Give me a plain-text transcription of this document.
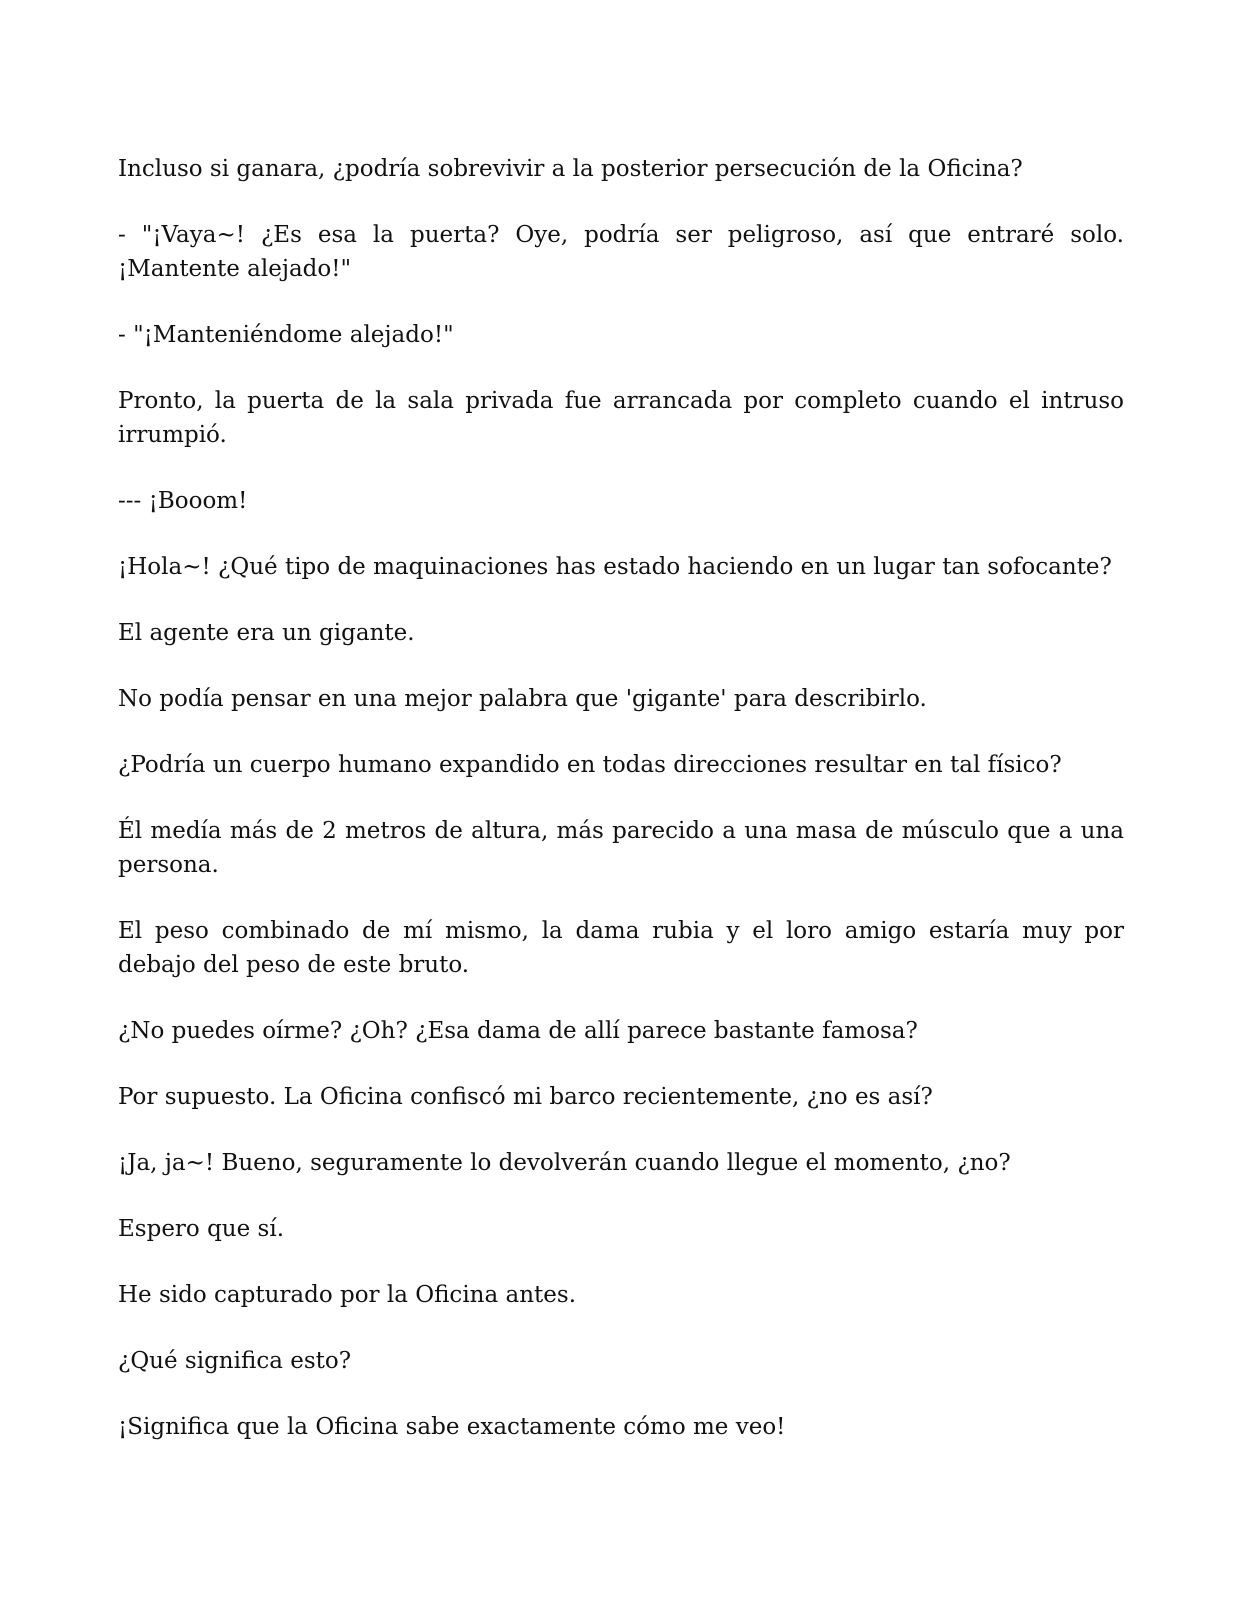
Incluso si ganara, ¿podría sobrevivir a la posterior persecución de la Oficina?

- "¡Vaya~! ¿Es esa la puerta? Oye, podría ser peligroso, así que entraré solo. ¡Mantente alejado!"

- "¡Manteniéndome alejado!"

Pronto, la puerta de la sala privada fue arrancada por completo cuando el intruso irrumpió.

--- ¡Booom!

¡Hola~! ¿Qué tipo de maquinaciones has estado haciendo en un lugar tan sofocante?

El agente era un gigante.

No podía pensar en una mejor palabra que 'gigante' para describirlo.

¿Podría un cuerpo humano expandido en todas direcciones resultar en tal físico?

Él medía más de 2 metros de altura, más parecido a una masa de músculo que a una persona.

El peso combinado de mí mismo, la dama rubia y el loro amigo estaría muy por debajo del peso de este bruto.

¿No puedes oírme? ¿Oh? ¿Esa dama de allí parece bastante famosa?

Por supuesto. La Oficina confiscó mi barco recientemente, ¿no es así?

¡Ja, ja~! Bueno, seguramente lo devolverán cuando llegue el momento, ¿no?

Espero que sí.

He sido capturado por la Oficina antes.

¿Qué significa esto?

¡Significa que la Oficina sabe exactamente cómo me veo!
